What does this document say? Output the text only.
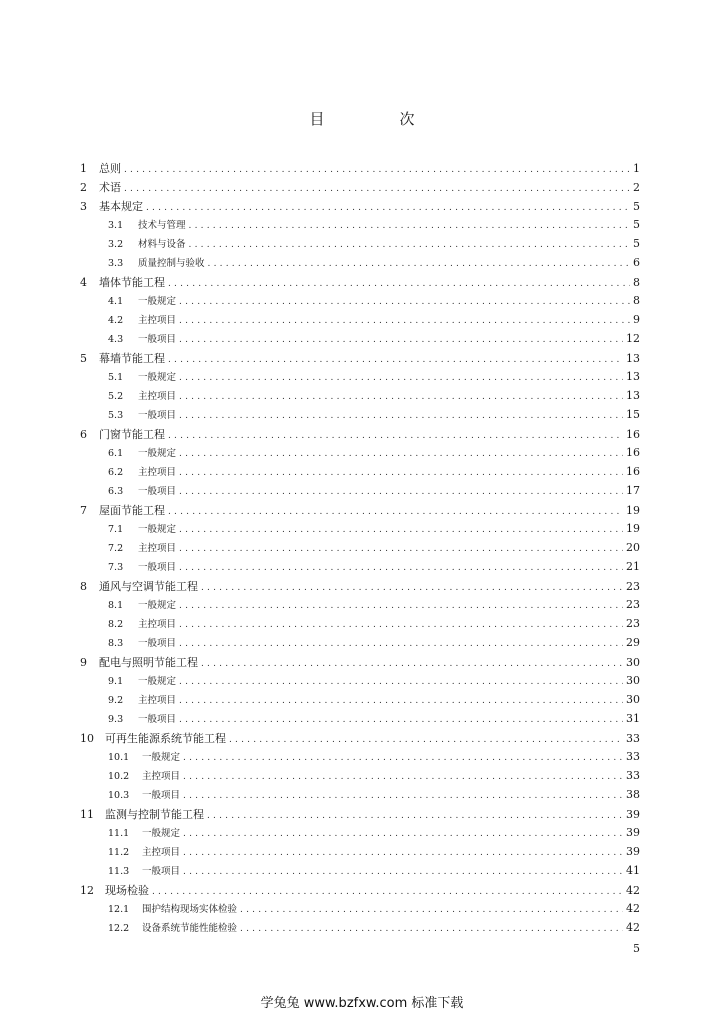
目　次
1	总则 .....	1
2	术语 .....	2
3	基本规定 .....	5
3.1	技术与管理 .....	5
3.2	材料与设备 .....	5
3.3	质量控制与验收 .....	6
4	墙体节能工程 .....	8
4.1	一般规定 .....	8
4.2	主控项目 .....	9
4.3	一般项目 .....	12
5	幕墙节能工程 .....	13
5.1	一般规定 .....	13
5.2	主控项目 .....	13
5.3	一般项目 .....	15
6	门窗节能工程 .....	16
6.1	一般规定 .....	16
6.2	主控项目 .....	16
6.3	一般项目 .....	17
7	屋面节能工程 .....	19
7.1	一般规定 .....	19
7.2	主控项目 .....	20
7.3	一般项目 .....	21
8	通风与空调节能工程 .....	23
8.1	一般规定 .....	23
8.2	主控项目 .....	23
8.3	一般项目 .....	29
9	配电与照明节能工程 .....	30
9.1	一般规定 .....	30
9.2	主控项目 .....	30
9.3	一般项目 .....	31
10	可再生能源系统节能工程 .....	33
10.1	一般规定 .....	33
10.2	主控项目 .....	33
10.3	一般项目 .....	38
11	监测与控制节能工程 .....	39
11.1	一般规定 .....	39
11.2	主控项目 .....	39
11.3	一般项目 .....	41
12	现场检验 .....	42
12.1	围护结构现场实体检验 .....	42
12.2	设备系统节能性能检验 .....	42
5
学兔兔 www.bzfxw.com 标准下载
